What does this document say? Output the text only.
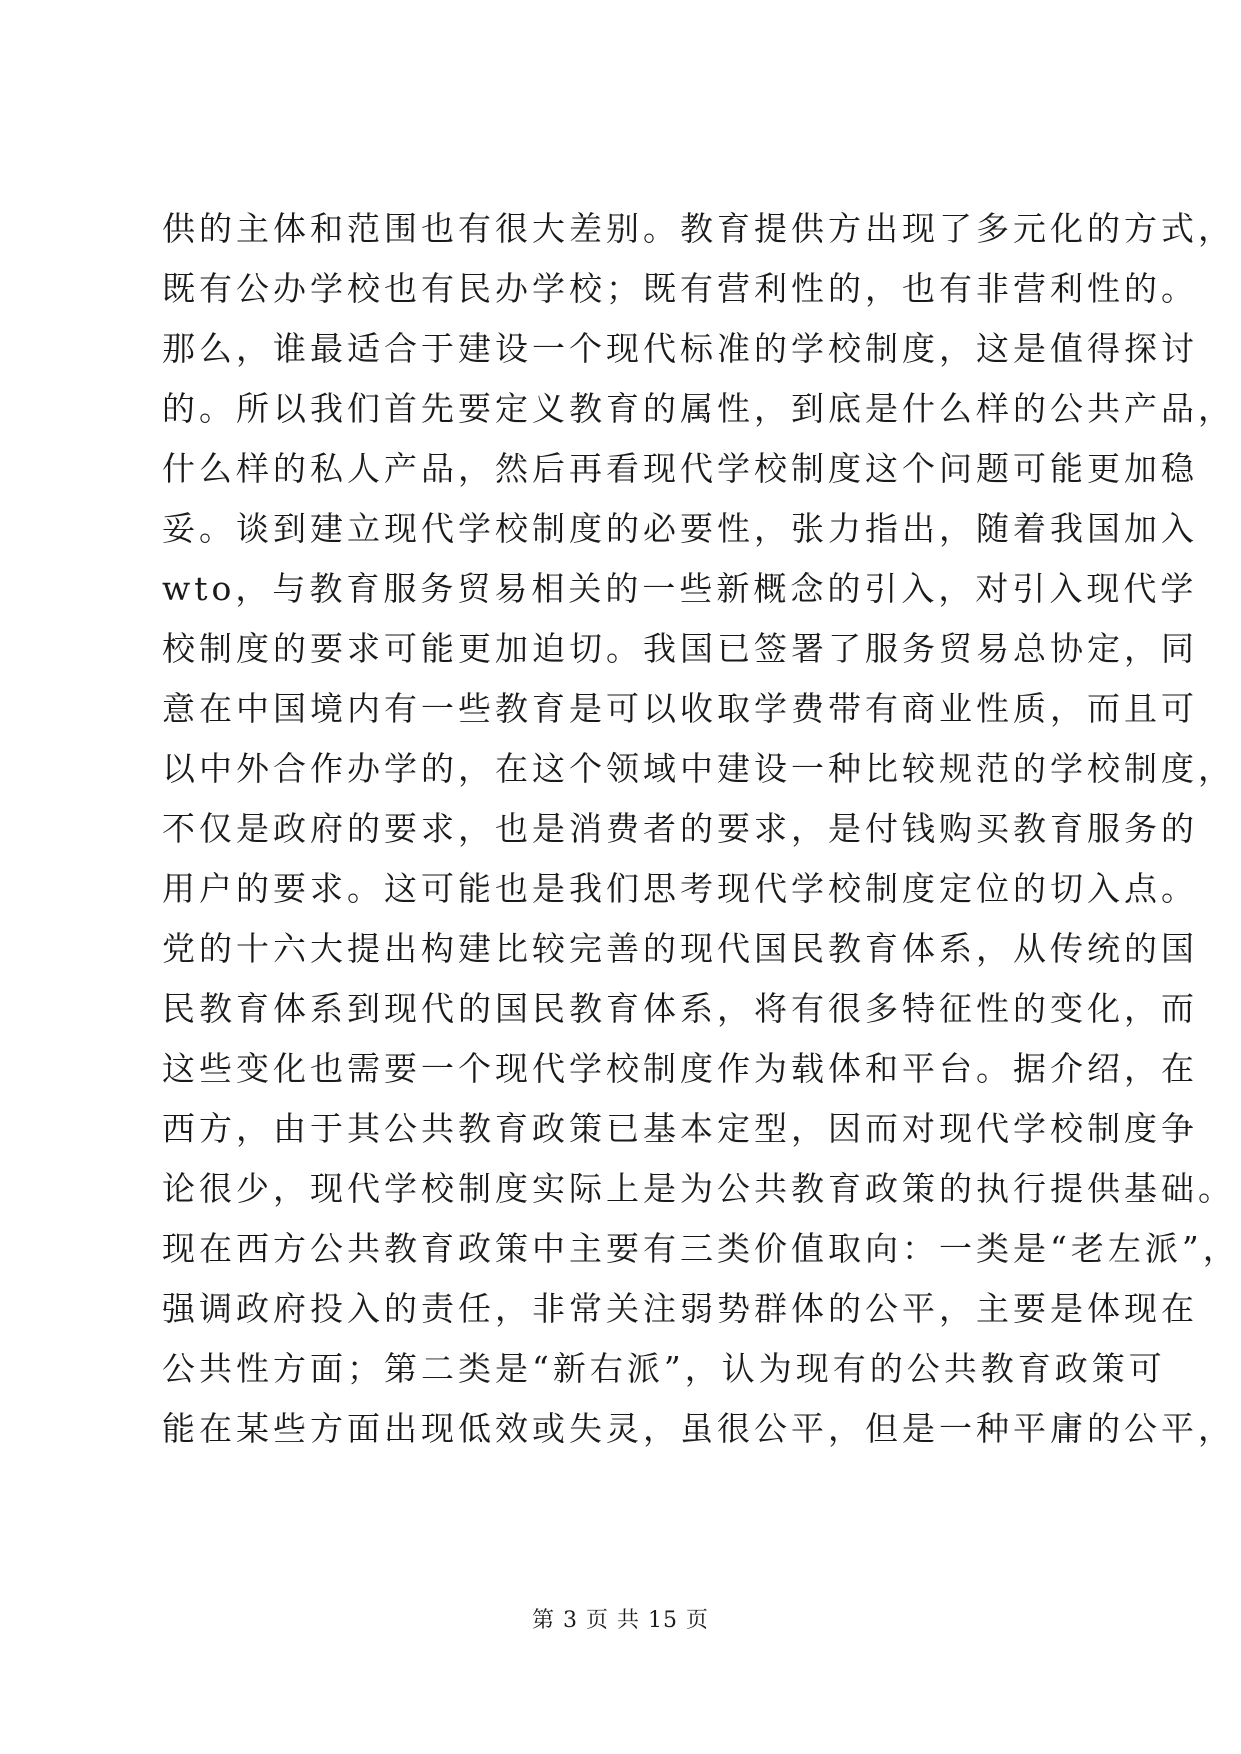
供的主体和范围也有很大差别。教育提供方出现了多元化的方式，
既有公办学校也有民办学校；既有营利性的，也有非营利性的。
那么，谁最适合于建设一个现代标准的学校制度，这是值得探讨
的。所以我们首先要定义教育的属性，到底是什么样的公共产品，
什么样的私人产品，然后再看现代学校制度这个问题可能更加稳
妥。谈到建立现代学校制度的必要性，张力指出，随着我国加入
wto，与教育服务贸易相关的一些新概念的引入，对引入现代学
校制度的要求可能更加迫切。我国已签署了服务贸易总协定，同
意在中国境内有一些教育是可以收取学费带有商业性质，而且可
以中外合作办学的，在这个领域中建设一种比较规范的学校制度，
不仅是政府的要求，也是消费者的要求，是付钱购买教育服务的
用户的要求。这可能也是我们思考现代学校制度定位的切入点。
党的十六大提出构建比较完善的现代国民教育体系，从传统的国
民教育体系到现代的国民教育体系，将有很多特征性的变化，而
这些变化也需要一个现代学校制度作为载体和平台。据介绍，在
西方，由于其公共教育政策已基本定型，因而对现代学校制度争
论很少，现代学校制度实际上是为公共教育政策的执行提供基础。
现在西方公共教育政策中主要有三类价值取向：一类是“老左派”，
强调政府投入的责任，非常关注弱势群体的公平，主要是体现在
公共性方面；第二类是“新右派”，认为现有的公共教育政策可
能在某些方面出现低效或失灵，虽很公平，但是一种平庸的公平，
第 3 页 共 15 页
